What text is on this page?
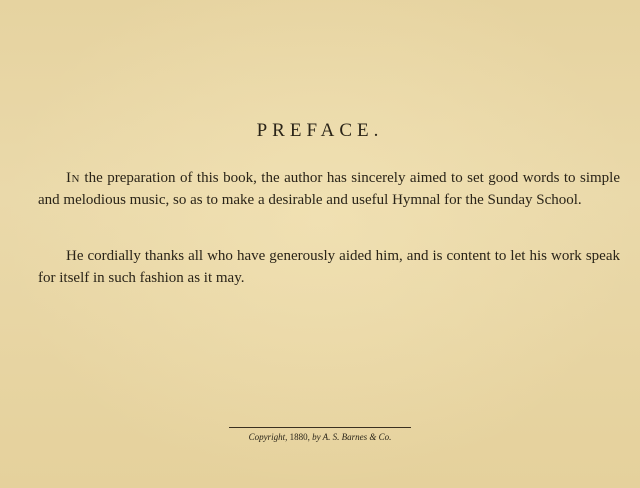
PREFACE.
In the preparation of this book, the author has sincerely aimed to set good words to simple and melodious music, so as to make a desirable and useful Hymnal for the Sunday School.
He cordially thanks all who have generously aided him, and is content to let his work speak for itself in such fashion as it may.
Copyright, 1880, by A. S. Barnes & Co.
